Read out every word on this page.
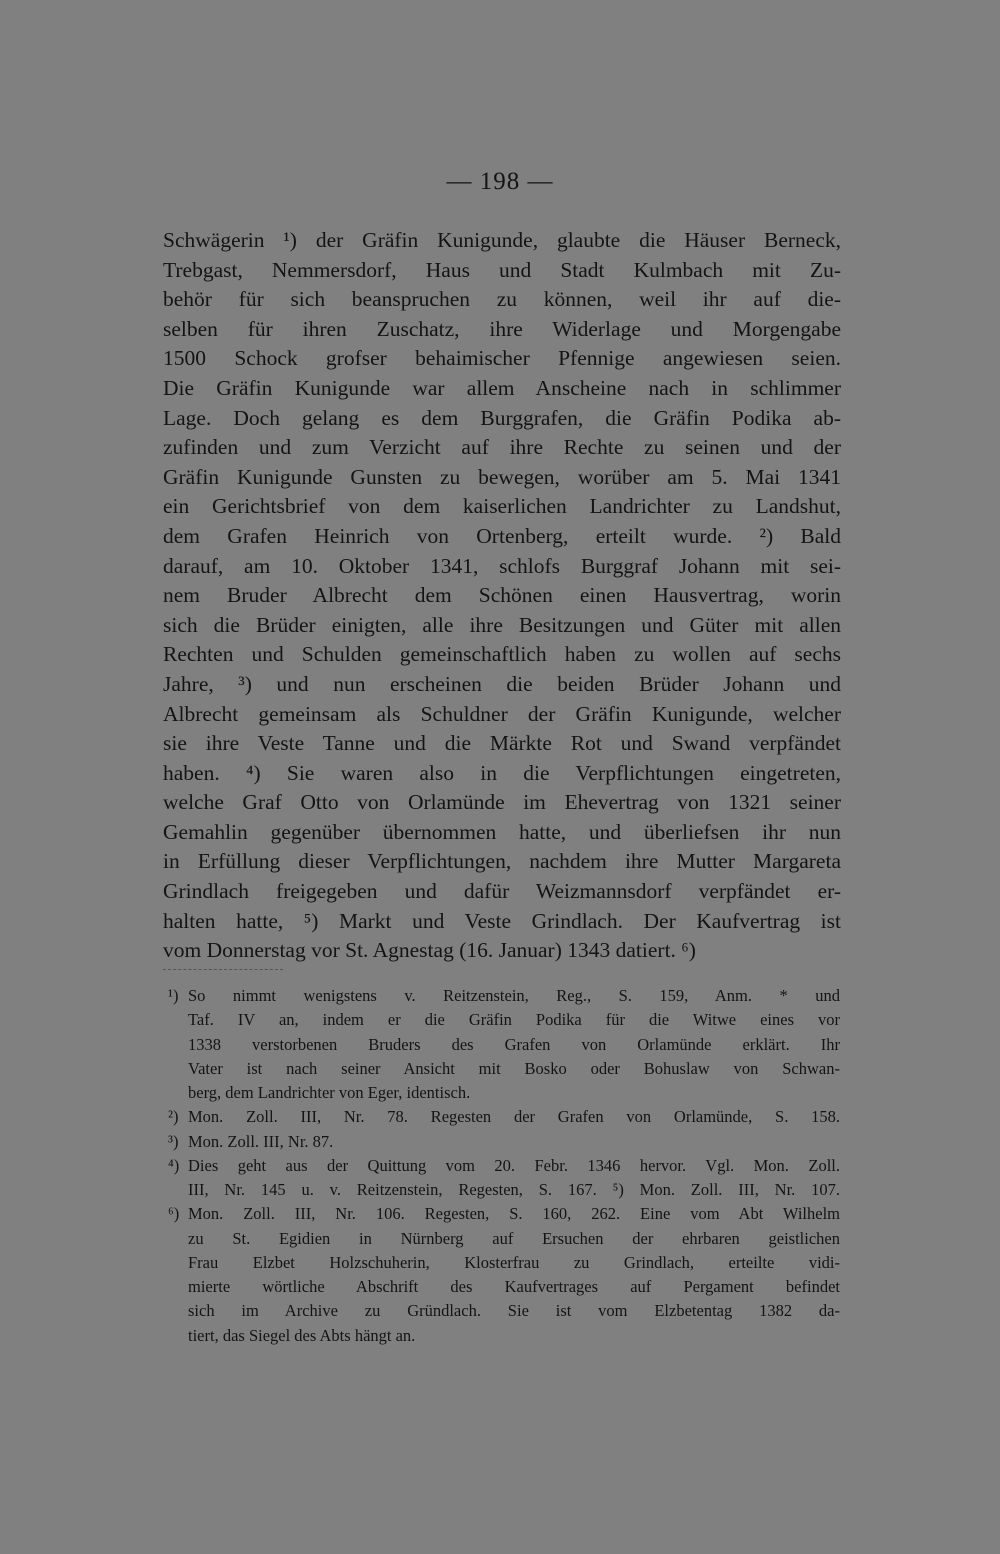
— 198 —
Schwägerin ¹) der Gräfin Kunigunde, glaubte die Häuser Berneck,
Trebgast, Nemmersdorf, Haus und Stadt Kulmbach mit Zu-
behör für sich beanspruchen zu können, weil ihr auf die-
selben für ihren Zuschatz, ihre Widerlage und Morgengabe
1500 Schock grofser behaimischer Pfennige angewiesen seien.
Die Gräfin Kunigunde war allem Anscheine nach in schlimmer
Lage. Doch gelang es dem Burggrafen, die Gräfin Podika ab-
zufinden und zum Verzicht auf ihre Rechte zu seinen und der
Gräfin Kunigunde Gunsten zu bewegen, worüber am 5. Mai 1341
ein Gerichtsbrief von dem kaiserlichen Landrichter zu Landshut,
dem Grafen Heinrich von Ortenberg, erteilt wurde. ²) Bald
darauf, am 10. Oktober 1341, schlofs Burggraf Johann mit sei-
nem Bruder Albrecht dem Schönen einen Hausvertrag, worin
sich die Brüder einigten, alle ihre Besitzungen und Güter mit allen
Rechten und Schulden gemeinschaftlich haben zu wollen auf sechs
Jahre, ³) und nun erscheinen die beiden Brüder Johann und
Albrecht gemeinsam als Schuldner der Gräfin Kunigunde, welcher
sie ihre Veste Tanne und die Märkte Rot und Swand verpfändet
haben. ⁴) Sie waren also in die Verpflichtungen eingetreten,
welche Graf Otto von Orlamünde im Ehevertrag von 1321 seiner
Gemahlin gegenüber übernommen hatte, und überliefsen ihr nun
in Erfüllung dieser Verpflichtungen, nachdem ihre Mutter Margareta
Grindlach freigegeben und dafür Weizmannsdorf verpfändet er-
halten hatte, ⁵) Markt und Veste Grindlach. Der Kaufvertrag ist
vom Donnerstag vor St. Agnestag (16. Januar) 1343 datiert. ⁶)
¹) So nimmt wenigstens v. Reitzenstein, Reg., S. 159, Anm. * und
Taf. IV an, indem er die Gräfin Podika für die Witwe eines vor
1338 verstorbenen Bruders des Grafen von Orlamünde erklärt. Ihr
Vater ist nach seiner Ansicht mit Bosko oder Bohuslaw von Schwan-
berg, dem Landrichter von Eger, identisch.
²) Mon. Zoll. III, Nr. 78. Regesten der Grafen von Orlamünde, S. 158.
³) Mon. Zoll. III, Nr. 87.
⁴) Dies geht aus der Quittung vom 20. Febr. 1346 hervor. Vgl. Mon. Zoll.
III, Nr. 145 u. v. Reitzenstein, Regesten, S. 167. ⁵) Mon. Zoll. III, Nr. 107.
⁶) Mon. Zoll. III, Nr. 106. Regesten, S. 160, 262. Eine vom Abt Wilhelm
zu St. Egidien in Nürnberg auf Ersuchen der ehrbaren geistlichen
Frau Elzbet Holzschuherin, Klosterfrau zu Grindlach, erteilte vidi-
mierte wörtliche Abschrift des Kaufvertrages auf Pergament befindet
sich im Archive zu Gründlach. Sie ist vom Elzbetentag 1382 da-
tiert, das Siegel des Abts hängt an.
